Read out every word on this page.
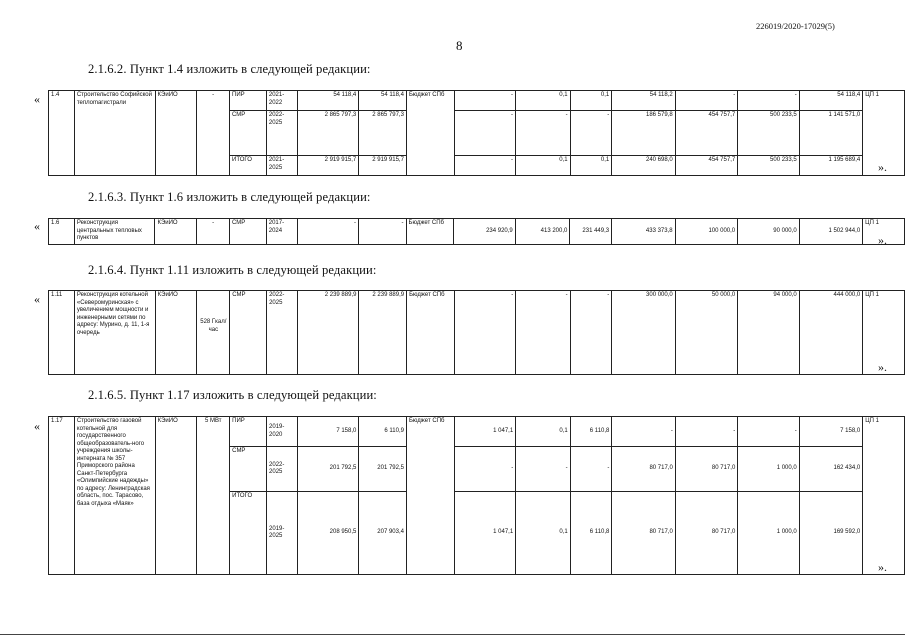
226019/2020-17029(5)
8
2.1.6.2. Пункт 1.4 изложить в следующей редакции:
« 1.4	Строительство Софийской теплomагистрали	КЭиИО	-	ПИР	2021-2022	54 118,4	54 118,4	Бюджет СПб	-	0,1	0,1	54 118,2	-	-	54 118,4	ЦП 1
				СМР	2022-2025	2 865 797,3	2 865 797,3		-	-	-	186 579,8	454 757,7	500 233,5	1 141 571,0	
				ИТОГО	2021-2025	2 919 915,7	2 919 915,7		-	0,1	0,1	240 698,0	454 757,7	500 233,5	1 195 689,4	».
2.1.6.3. Пункт 1.6 изложить в следующей редакции:
« 1.6	Реконструкция центральных тепловых пунктов	КЭиИО	-	СМР	2017-2024	-	-	Бюджет СПб	234 920,9	413 200,0	231 449,3	433 373,8	100 000,0	90 000,0	1 502 944,0	ЦП 1
».
2.1.6.4. Пункт 1.11 изложить в следующей редакции:
« 1.11	Реконструкция котельной «Северомуринская» с увеличением мощности и инженерными сетями по адресу: Мурино, д. 11, 1-я очередь	КЭиИО	528 Гкал/час	СМР	2022-2025	2 239 889,9	2 239 889,9	Бюджет СПб	-	-	-	300 000,0	50 000,0	94 000,0	444 000,0	ЦП 1
».
2.1.6.5. Пункт 1.17 изложить в следующей редакции:
« 1.17	Строительство газовой котельной для государственного общеобразователь-ного учреждения школы-интерната № 357 Приморского района Санкт-Петербурга «Олимпийские надежды» по адресу: Ленинградская область, пос. Тарасово, база отдыха «Маяк»	КЭиИО	5 МВт	ПИР	2019-2020	7 158,0	6 110,9	Бюджет СПб	1 047,1	0,1	6 110,8	-	-	-	7 158,0	ЦП 1
				СМР	2022-2025	201 792,5	201 792,5		-	-	-	80 717,0	80 717,0	1 000,0	162 434,0	
				ИТОГО	2019-2025	208 950,5	207 903,4		1 047,1	0,1	6 110,8	80 717,0	80 717,0	1 000,0	169 592,0	
».
